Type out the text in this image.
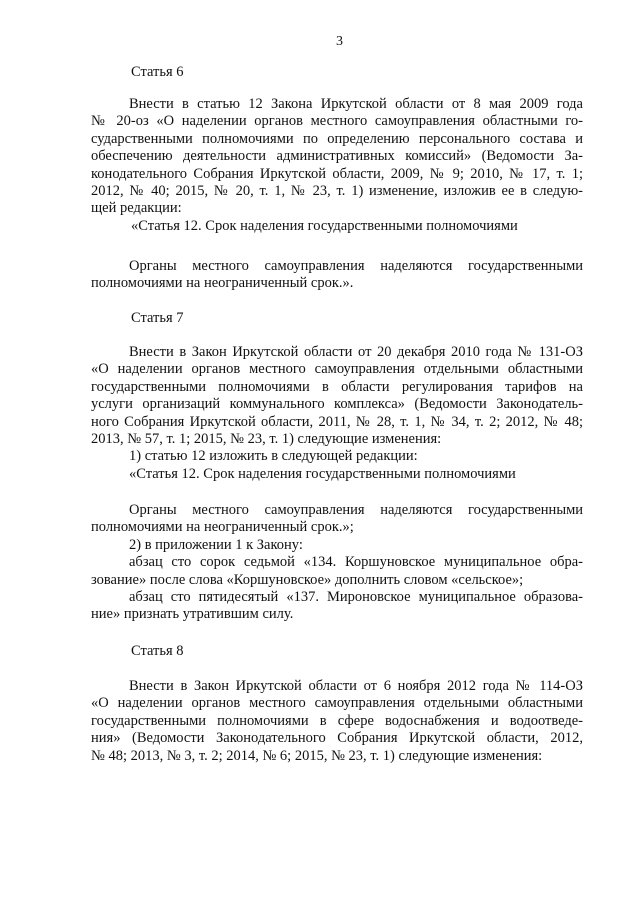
3
Статья 6
Внести в статью 12 Закона Иркутской области от 8 мая 2009 года
№ 20-оз «О наделении органов местного самоуправления областными го-
сударственными полномочиями по определению персонального состава и
обеспечению деятельности административных комиссий» (Ведомости За-
конодательного Собрания Иркутской области, 2009, № 9; 2010, № 17, т. 1;
2012, № 40; 2015, № 20, т. 1, № 23, т. 1) изменение, изложив ее в следую-
щей редакции:
«Статья 12. Срок наделения государственными полномочиями
Органы местного самоуправления наделяются государственными
полномочиями на неограниченный срок.».
Статья 7
Внести в Закон Иркутской области от 20 декабря 2010 года № 131-ОЗ
«О наделении органов местного самоуправления отдельными областными
государственными полномочиями в области регулирования тарифов на
услуги организаций коммунального комплекса» (Ведомости Законодатель-
ного Собрания Иркутской области, 2011, № 28, т. 1, № 34, т. 2; 2012, № 48;
2013, № 57, т. 1; 2015, № 23, т. 1) следующие изменения:
1) статью 12 изложить в следующей редакции:
«Статья 12. Срок наделения государственными полномочиями
Органы местного самоуправления наделяются государственными
полномочиями на неограниченный срок.»;
2) в приложении 1 к Закону:
абзац сто сорок седьмой «134. Коршуновское муниципальное обра-
зование» после слова «Коршуновское» дополнить словом «сельское»;
абзац сто пятидесятый «137. Мироновское муниципальное образова-
ние» признать утратившим силу.
Статья 8
Внести в Закон Иркутской области от 6 ноября 2012 года № 114-ОЗ
«О наделении органов местного самоуправления отдельными областными
государственными полномочиями в сфере водоснабжения и водоотведе-
ния» (Ведомости Законодательного Собрания Иркутской области, 2012,
№ 48; 2013, № 3, т. 2; 2014, № 6; 2015, № 23, т. 1) следующие изменения:
